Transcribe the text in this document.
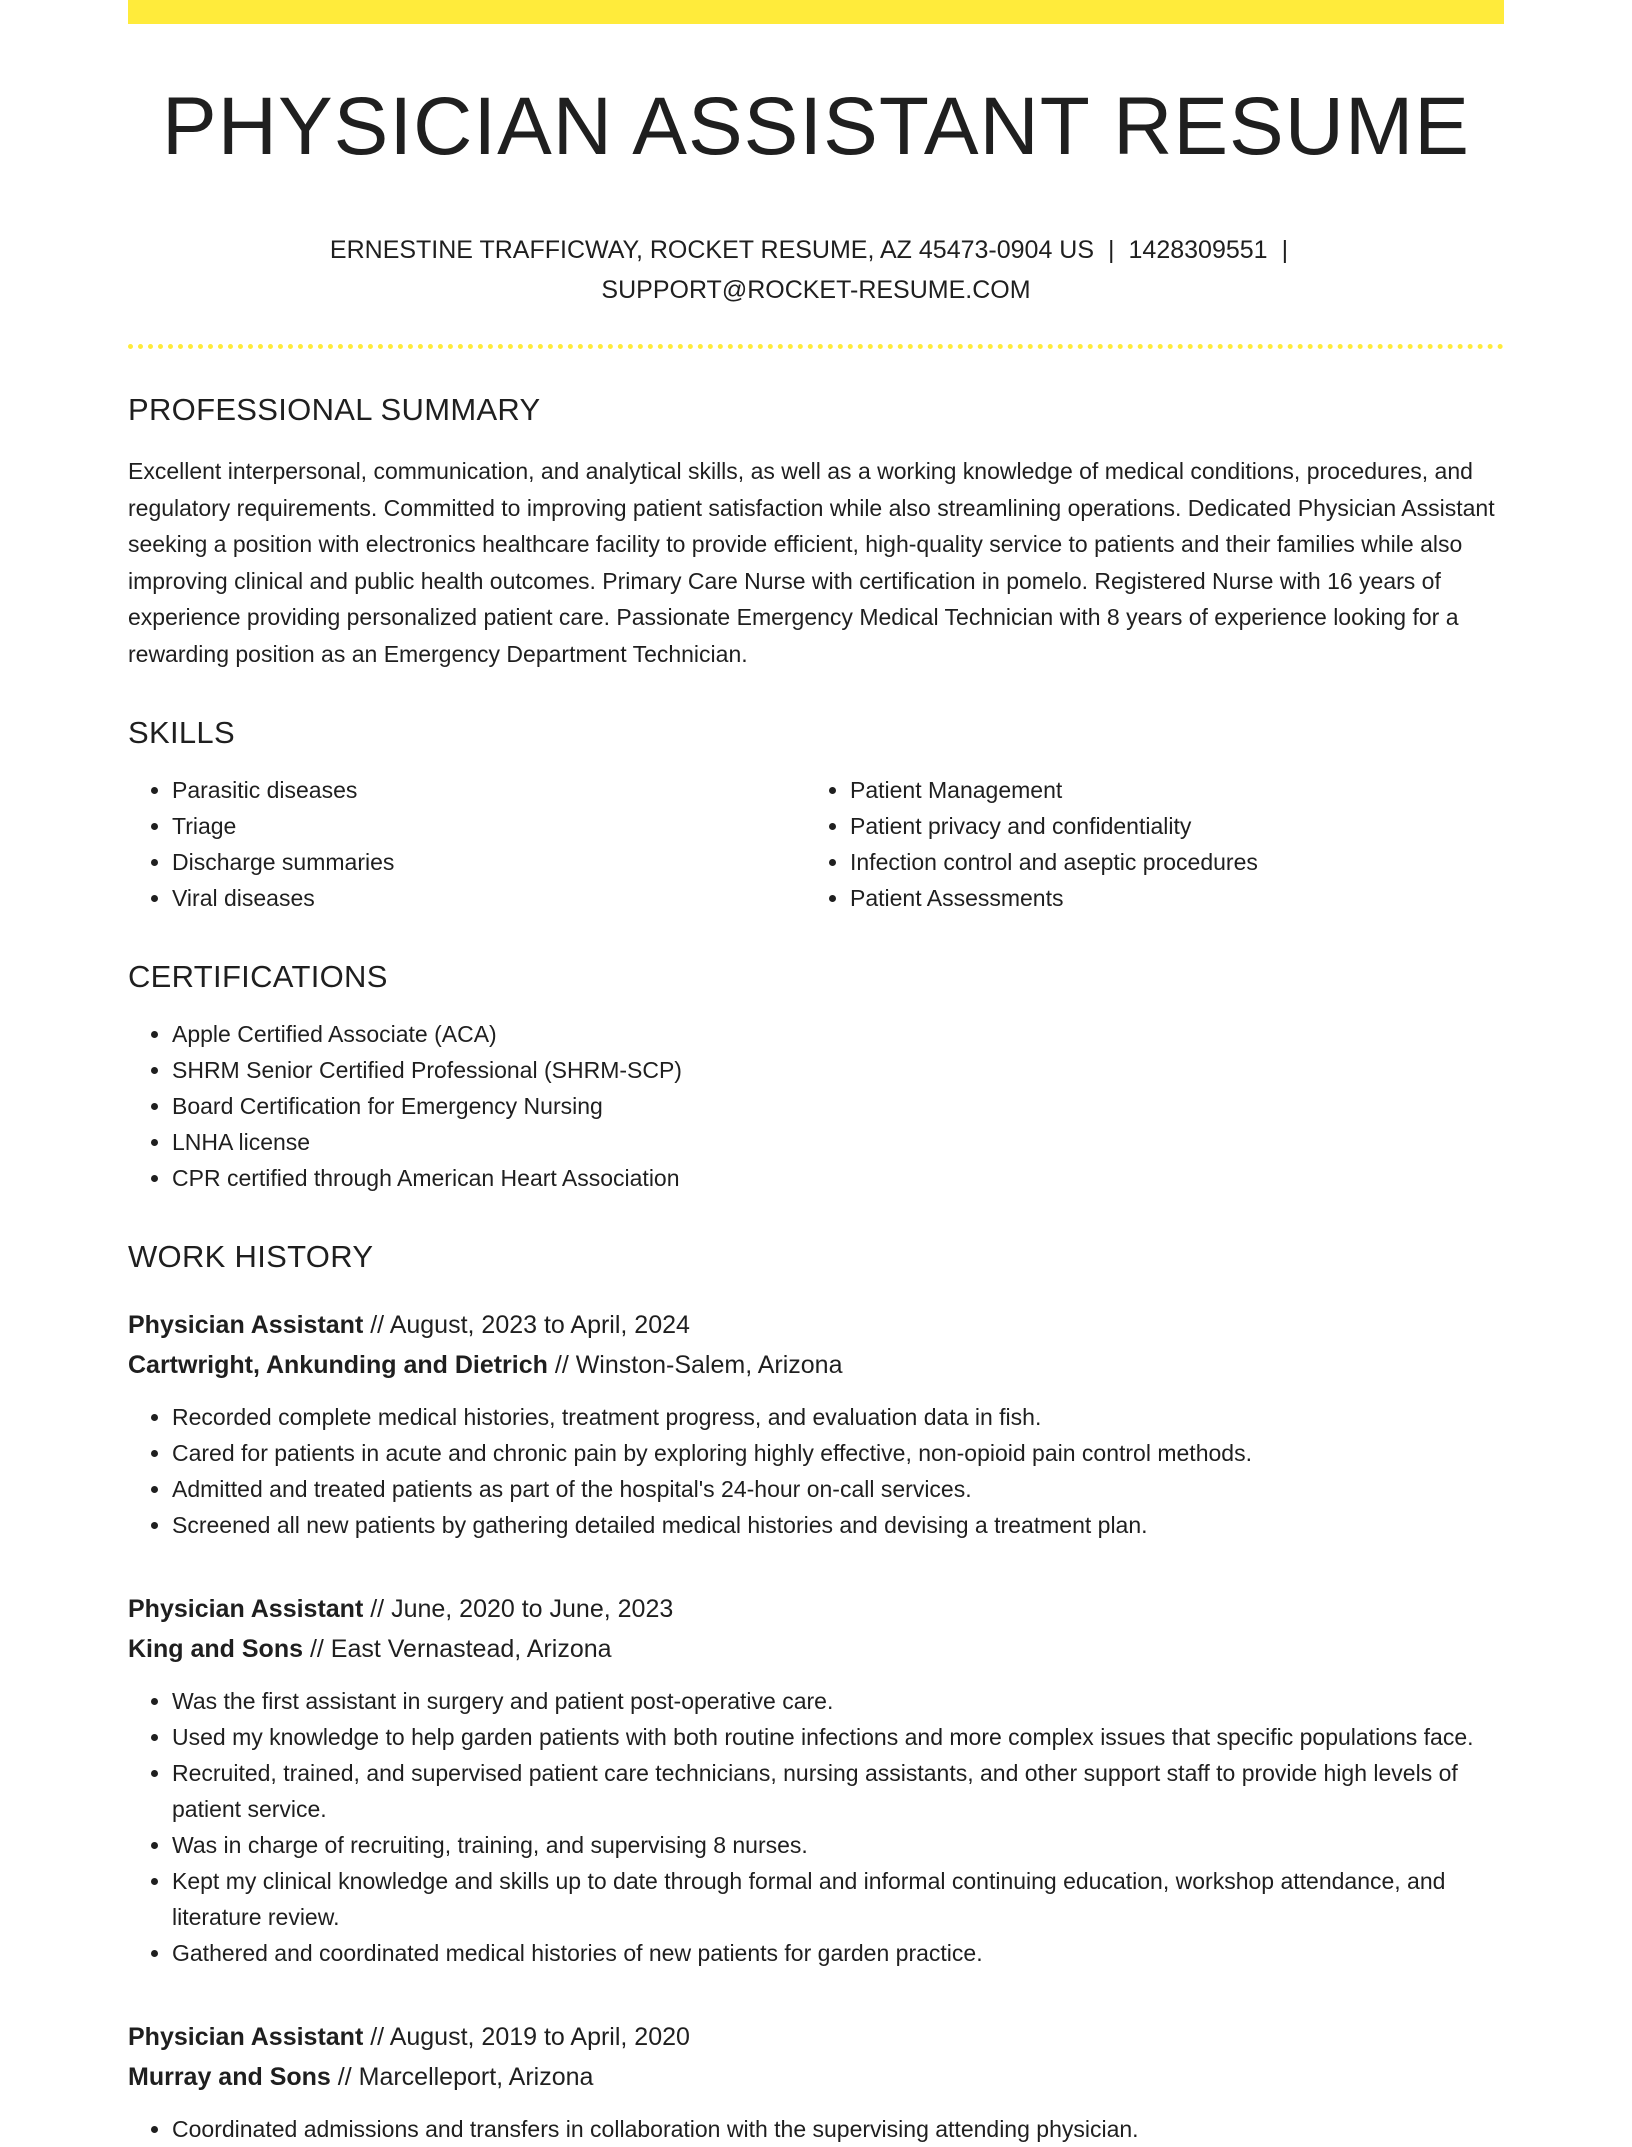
PHYSICIAN ASSISTANT RESUME
ERNESTINE TRAFFICWAY, ROCKET RESUME, AZ 45473-0904 US | 1428309551 |
SUPPORT@ROCKET-RESUME.COM
PROFESSIONAL SUMMARY
Excellent interpersonal, communication, and analytical skills, as well as a working knowledge of medical conditions, procedures, and regulatory requirements. Committed to improving patient satisfaction while also streamlining operations. Dedicated Physician Assistant seeking a position with electronics healthcare facility to provide efficient, high-quality service to patients and their families while also improving clinical and public health outcomes. Primary Care Nurse with certification in pomelo. Registered Nurse with 16 years of experience providing personalized patient care. Passionate Emergency Medical Technician with 8 years of experience looking for a rewarding position as an Emergency Department Technician.
SKILLS
• Parasitic diseases
• Triage
• Discharge summaries
• Viral diseases
• Patient Management
• Patient privacy and confidentiality
• Infection control and aseptic procedures
• Patient Assessments
CERTIFICATIONS
• Apple Certified Associate (ACA)
• SHRM Senior Certified Professional (SHRM-SCP)
• Board Certification for Emergency Nursing
• LNHA license
• CPR certified through American Heart Association
WORK HISTORY
Physician Assistant // August, 2023 to April, 2024
Cartwright, Ankunding and Dietrich // Winston-Salem, Arizona
• Recorded complete medical histories, treatment progress, and evaluation data in fish.
• Cared for patients in acute and chronic pain by exploring highly effective, non-opioid pain control methods.
• Admitted and treated patients as part of the hospital's 24-hour on-call services.
• Screened all new patients by gathering detailed medical histories and devising a treatment plan.
Physician Assistant // June, 2020 to June, 2023
King and Sons // East Vernastead, Arizona
• Was the first assistant in surgery and patient post-operative care.
• Used my knowledge to help garden patients with both routine infections and more complex issues that specific populations face.
• Recruited, trained, and supervised patient care technicians, nursing assistants, and other support staff to provide high levels of patient service.
• Was in charge of recruiting, training, and supervising 8 nurses.
• Kept my clinical knowledge and skills up to date through formal and informal continuing education, workshop attendance, and literature review.
• Gathered and coordinated medical histories of new patients for garden practice.
Physician Assistant // August, 2019 to April, 2020
Murray and Sons // Marcelleport, Arizona
• Coordinated admissions and transfers in collaboration with the supervising attending physician.
